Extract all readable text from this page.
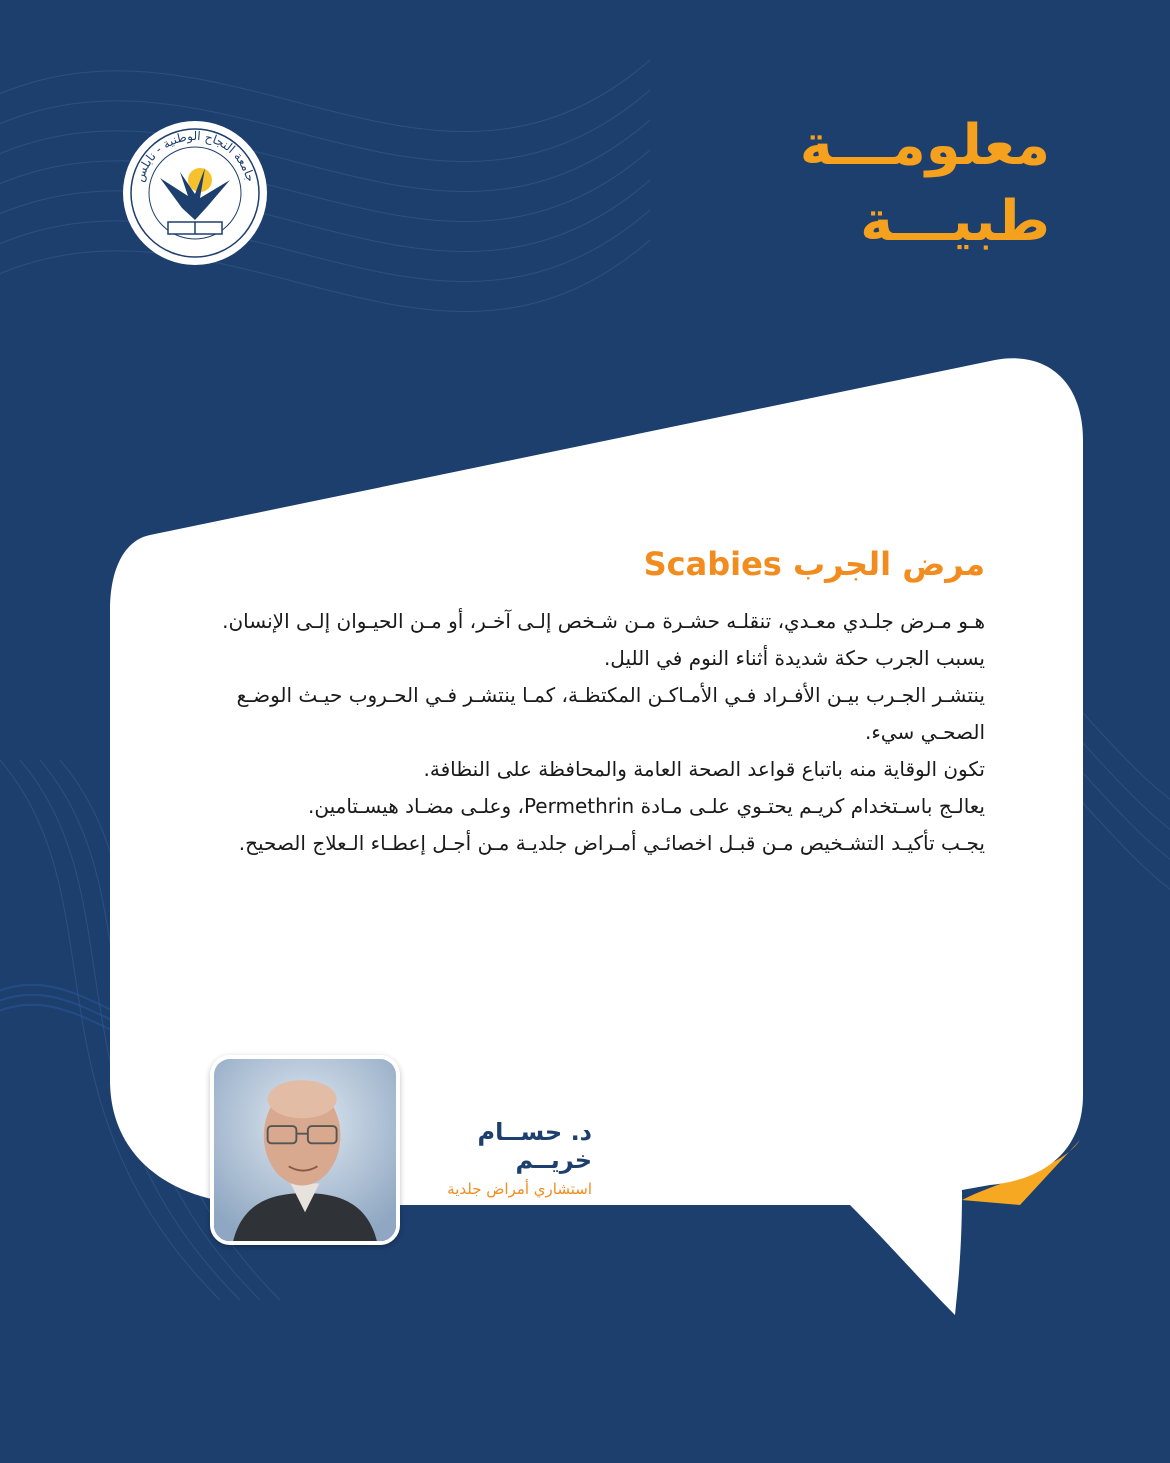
جامعة النجاح الوطنية - نابلس	معلومـــة
طبيـــة
مرض الجرب Scabies

هـو مـرض جلـدي معـدي، تنقلـه حشـرة مـن شـخص إلـى آخـر، أو مـن الحيـوان إلـى الإنسان.

يسبب الجرب حكة شديدة أثناء النوم في الليل.

ينتشـر الجـرب بيـن الأفـراد فـي الأمـاكـن المكتظـة، كمـا ينتشـر فـي الحـروب حيـث الوضـع الصحـي سيء.

تكون الوقاية منه باتباع قواعد الصحة العامة والمحافظة على النظافة.

يعالـج باسـتخدام كريـم يحتـوي علـى مـادة Permethrin، وعلـى مضـاد هيسـتامين.

يجـب تأكيـد التشـخيص مـن قبـل اخصائـي أمـراض جلديـة مـن أجـل إعطـاء الـعلاج الصحيح.

د. حســام خريــم
استشاري أمراض جلدية
